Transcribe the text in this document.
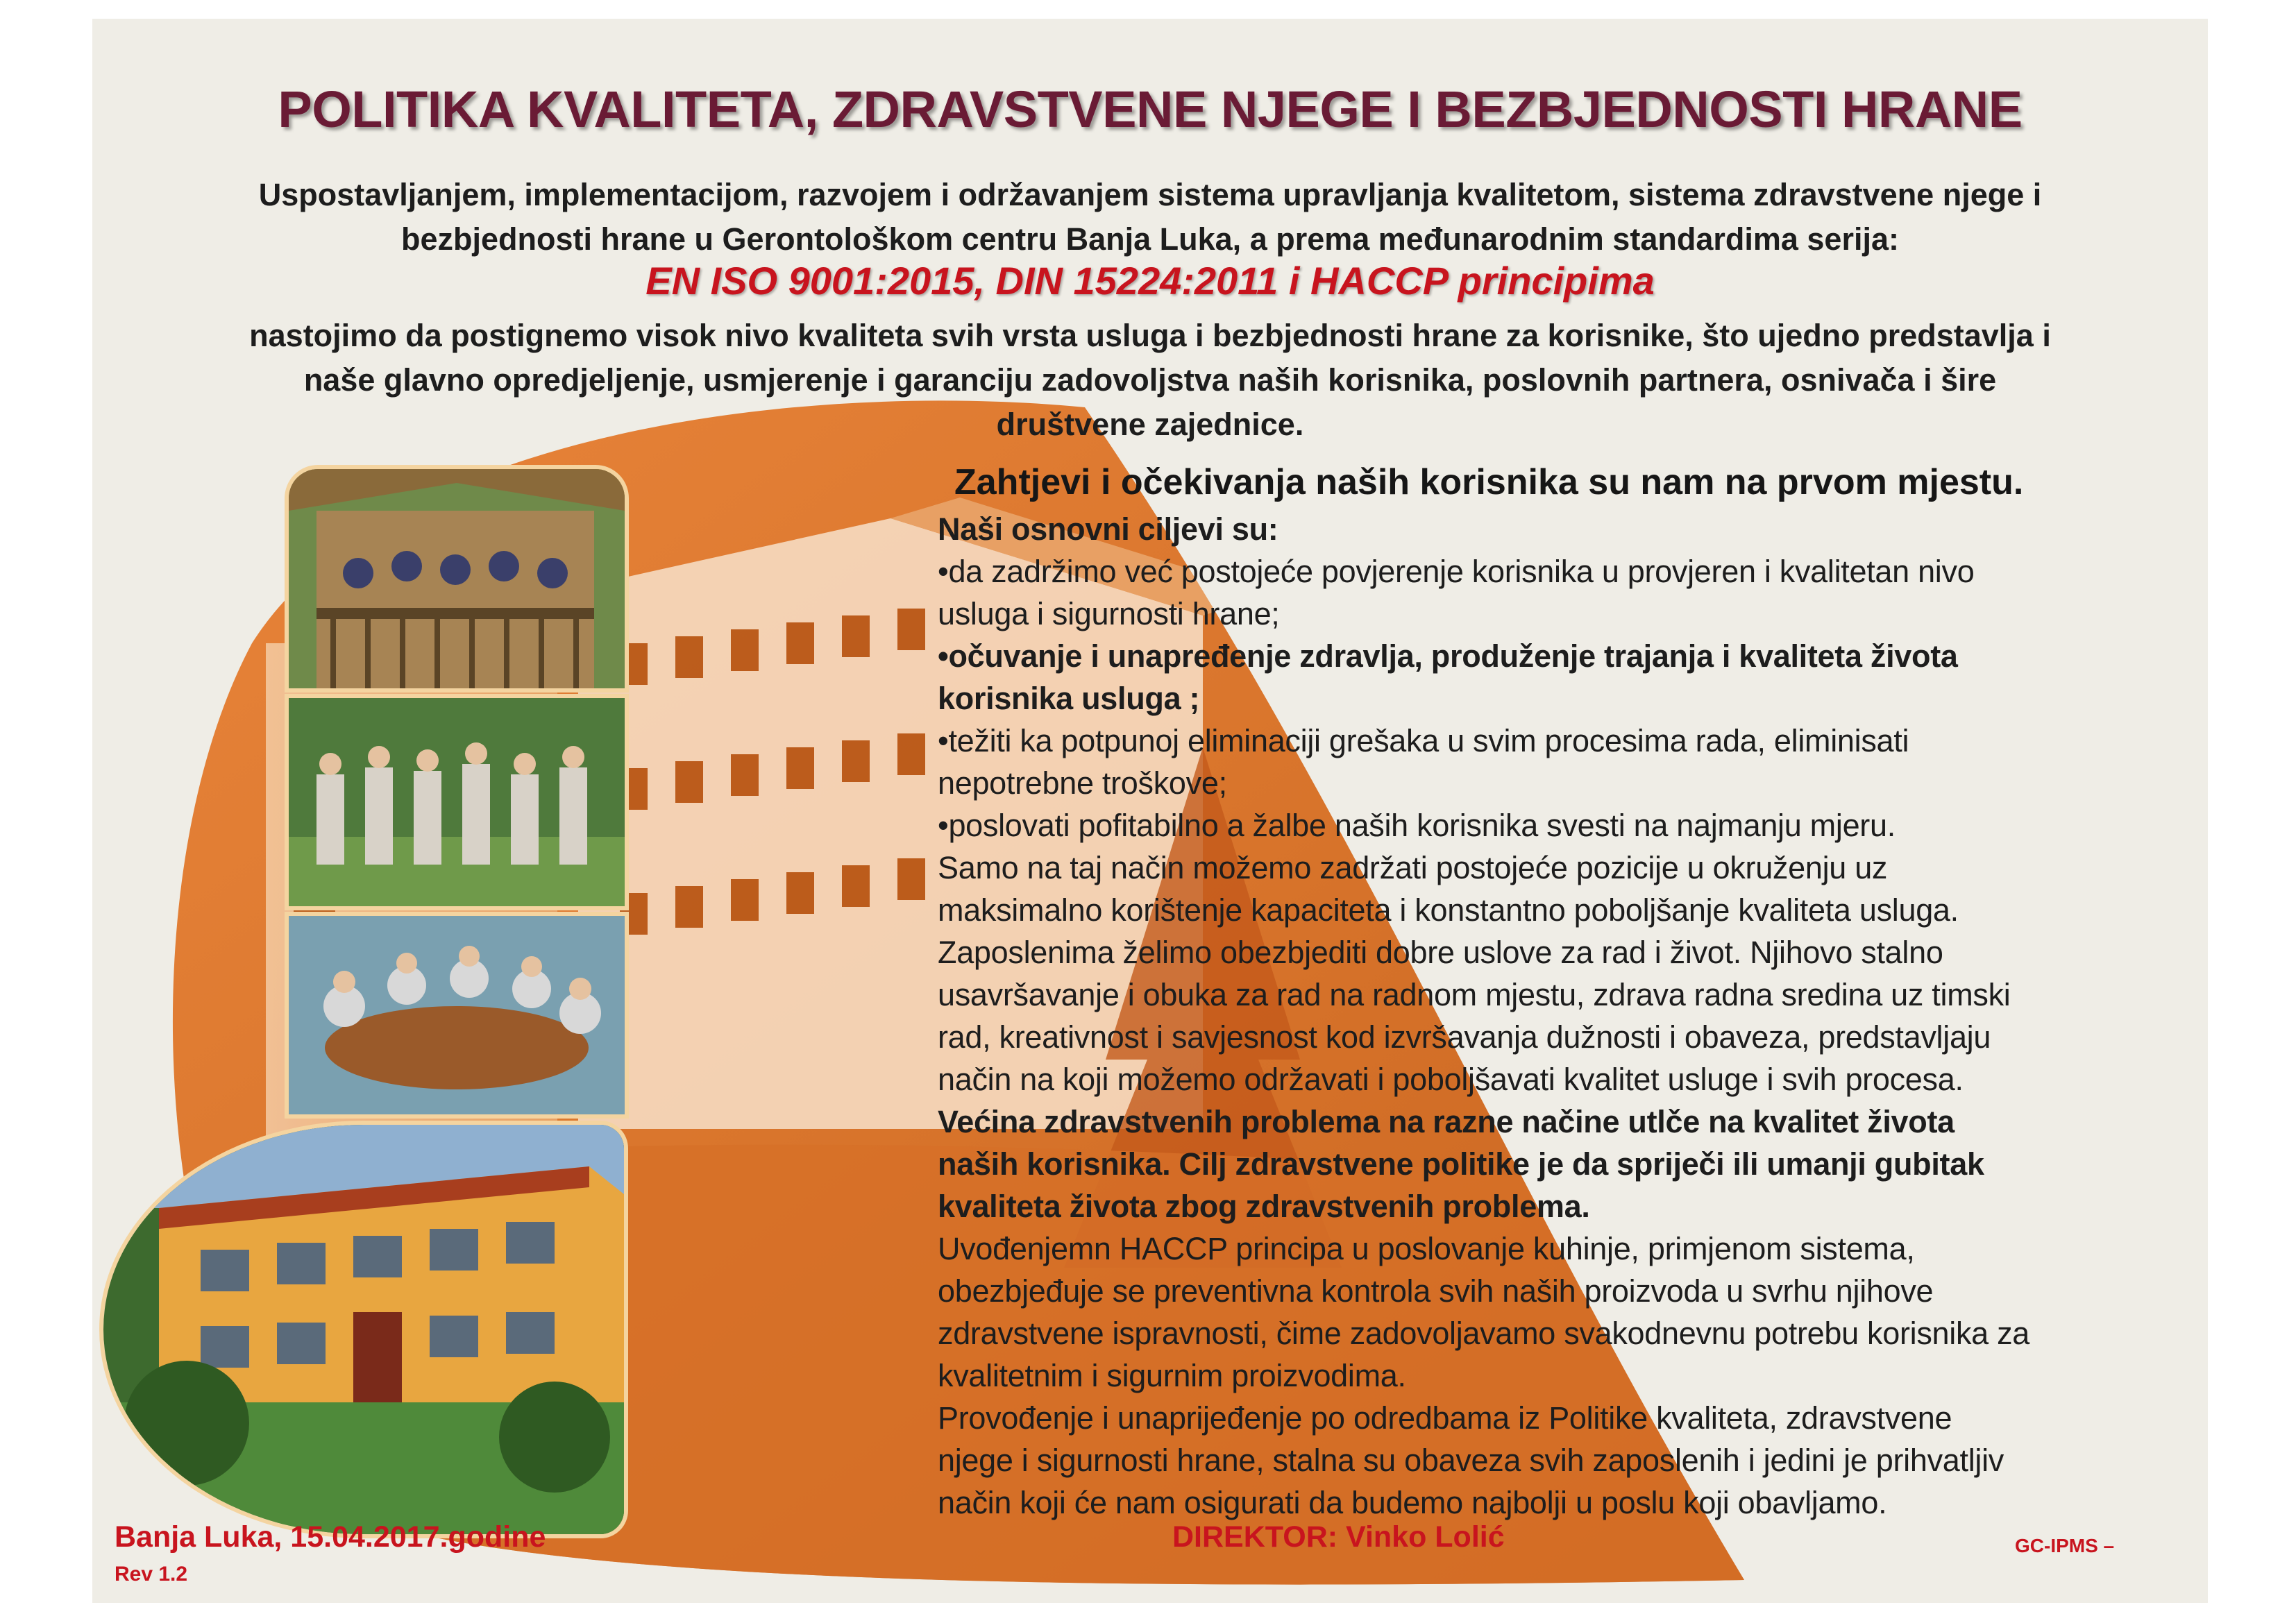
POLITIKA KVALITETA, ZDRAVSTVENE NJEGE I BEZBJEDNOSTI HRANE
Uspostavljanjem, implementacijom, razvojem i održavanjem sistema upravljanja kvalitetom, sistema zdravstvene njege i
bezbjednosti hrane u Gerontološkom centru Banja Luka, a prema međunarodnim standardima serija:
EN ISO 9001:2015, DIN 15224:2011 i HACCP principima
nastojimo da postignemo visok nivo kvaliteta svih vrsta usluga i bezbjednosti hrane za korisnike, što ujedno predstavlja i
naše glavno opredjeljenje, usmjerenje i garanciju zadovoljstva naših korisnika, poslovnih partnera, osnivača i šire
društvene zajednice.
Zahtjevi i očekivanja naših korisnika su nam na prvom mjestu.
Naši osnovni ciljevi su:
•da zadržimo već postojeće povjerenje korisnika u provjeren i kvalitetan nivo
usluga i sigurnosti hrane;
•očuvanje i unapređenje zdravlja, produženje trajanja i kvaliteta života
korisnika usluga ;
•težiti ka potpunoj eliminaciji grešaka u svim procesima rada, eliminisati
nepotrebne troškove;
•poslovati pofitabilno a žalbe naših korisnika svesti na najmanju mjeru.
Samo na taj način možemo zadržati postojeće pozicije u okruženju uz
maksimalno korištenje kapaciteta i konstantno poboljšanje kvaliteta usluga.
Zaposlenima želimo obezbjediti dobre uslove za rad i život. Njihovo stalno
usavršavanje i obuka za rad na radnom mjestu, zdrava radna sredina uz timski
rad, kreativnost i savjesnost kod izvršavanja dužnosti i obaveza, predstavljaju
način na koji možemo održavati i poboljšavati kvalitet usluge i svih procesa.
Većina zdravstvenih problema na razne načine utlče na kvalitet života
naših korisnika. Cilj zdravstvene politike je da spriječi ili umanji gubitak
kvaliteta života zbog zdravstvenih problema.
Uvođenjemn HACCP principa u poslovanje kuhinje, primjenom sistema,
obezbjeđuje se preventivna kontrola svih naših proizvoda u svrhu njihove
zdravstvene ispravnosti, čime zadovoljavamo svakodnevnu potrebu korisnika za
kvalitetnim i sigurnim proizvodima.
Provođenje i unaprijeđenje po odredbama iz Politike kvaliteta, zdravstvene
njege i sigurnosti hrane, stalna su obaveza svih zaposlenih i jedini je prihvatljiv
način koji će nam osigurati da budemo najbolji u poslu koji obavljamo.
Banja Luka, 15.04.2017.godine
Rev 1.2
DIREKTOR: Vinko Lolić	GC-IPMS –
